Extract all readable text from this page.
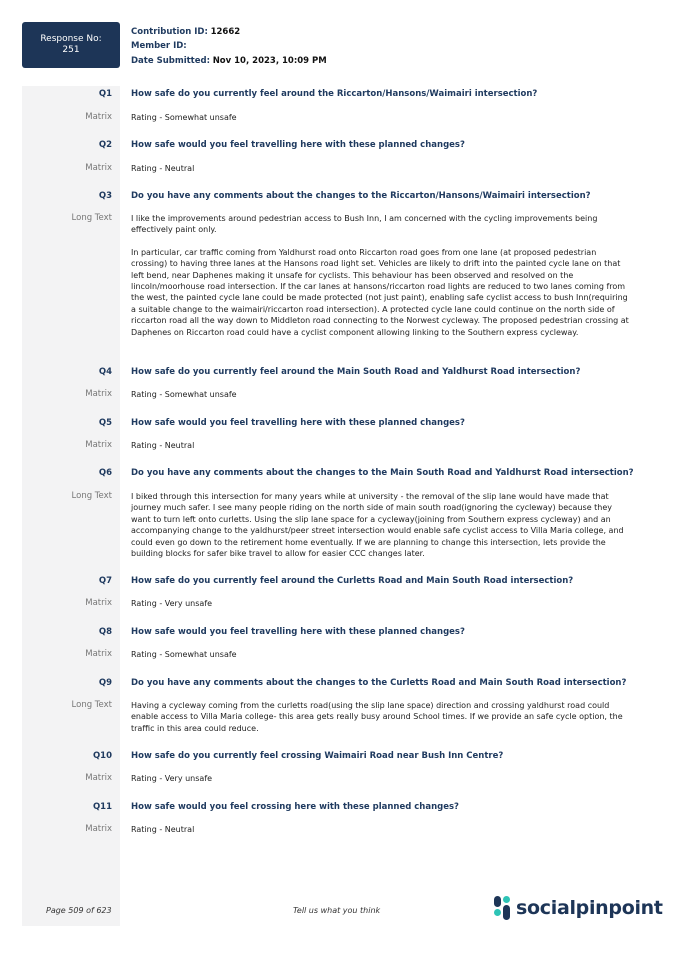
Response No:
251
Contribution ID: 12662
Member ID:
Date Submitted: Nov 10, 2023, 10:09 PM
Q1 How safe do you currently feel around the Riccarton/Hansons/Waimairi intersection?
Matrix Rating - Somewhat unsafe

Q2 How safe would you feel travelling here with these planned changes?
Matrix Rating - Neutral

Q3 Do you have any comments about the changes to the Riccarton/Hansons/Waimairi intersection?
Long Text I like the improvements around pedestrian access to Bush Inn, I am concerned with the cycling improvements being effectively paint only.

In particular, car traffic coming from Yaldhurst road onto Riccarton road goes from one lane (at proposed pedestrian crossing) to having three lanes at the Hansons road light set. Vehicles are likely to drift into the painted cycle lane on that left bend, near Daphenes making it unsafe for cyclists. This behaviour has been observed and resolved on the lincoln/moorhouse road intersection. If the car lanes at hansons/riccarton road lights are reduced to two lanes coming from the west, the painted cycle lane could be made protected (not just paint), enabling safe cyclist access to bush Inn(requiring a suitable change to the waimairi/riccarton road intersection). A protected cycle lane could continue on the north side of riccarton road all the way down to Middleton road connecting to the Norwest cycleway. The proposed pedestrian crossing at Daphenes on Riccarton road could have a cyclist component allowing linking to the Southern express cycleway.

Q4 How safe do you currently feel around the Main South Road and Yaldhurst Road intersection?
Matrix Rating - Somewhat unsafe

Q5 How safe would you feel travelling here with these planned changes?
Matrix Rating - Neutral

Q6 Do you have any comments about the changes to the Main South Road and Yaldhurst Road intersection?
Long Text I biked through this intersection for many years while at university - the removal of the slip lane would have made that journey much safer. I see many people riding on the north side of main south road(ignoring the cycleway) because they want to turn left onto curletts. Using the slip lane space for a cycleway(joining from Southern express cycleway) and an accompanying change to the yaldhurst/peer street intersection would enable safe cyclist access to Villa Maria college, and could even go down to the retirement home eventually. If we are planning to change this intersection, lets provide the building blocks for safer bike travel to allow for easier CCC changes later.

Q7 How safe do you currently feel around the Curletts Road and Main South Road intersection?
Matrix Rating - Very unsafe

Q8 How safe would you feel travelling here with these planned changes?
Matrix Rating - Somewhat unsafe

Q9 Do you have any comments about the changes to the Curletts Road and Main South Road intersection?
Long Text Having a cycleway coming from the curletts road(using the slip lane space) direction and crossing yaldhurst road could enable access to Villa Maria college- this area gets really busy around School times. If we provide an safe cycle option, the traffic in this area could reduce.

Q10 How safe do you currently feel crossing Waimairi Road near Bush Inn Centre?
Matrix Rating - Very unsafe

Q11 How safe would you feel crossing here with these planned changes?
Matrix Rating - Neutral

Page 509 of 623	Tell us what you think	socialpinpoint
